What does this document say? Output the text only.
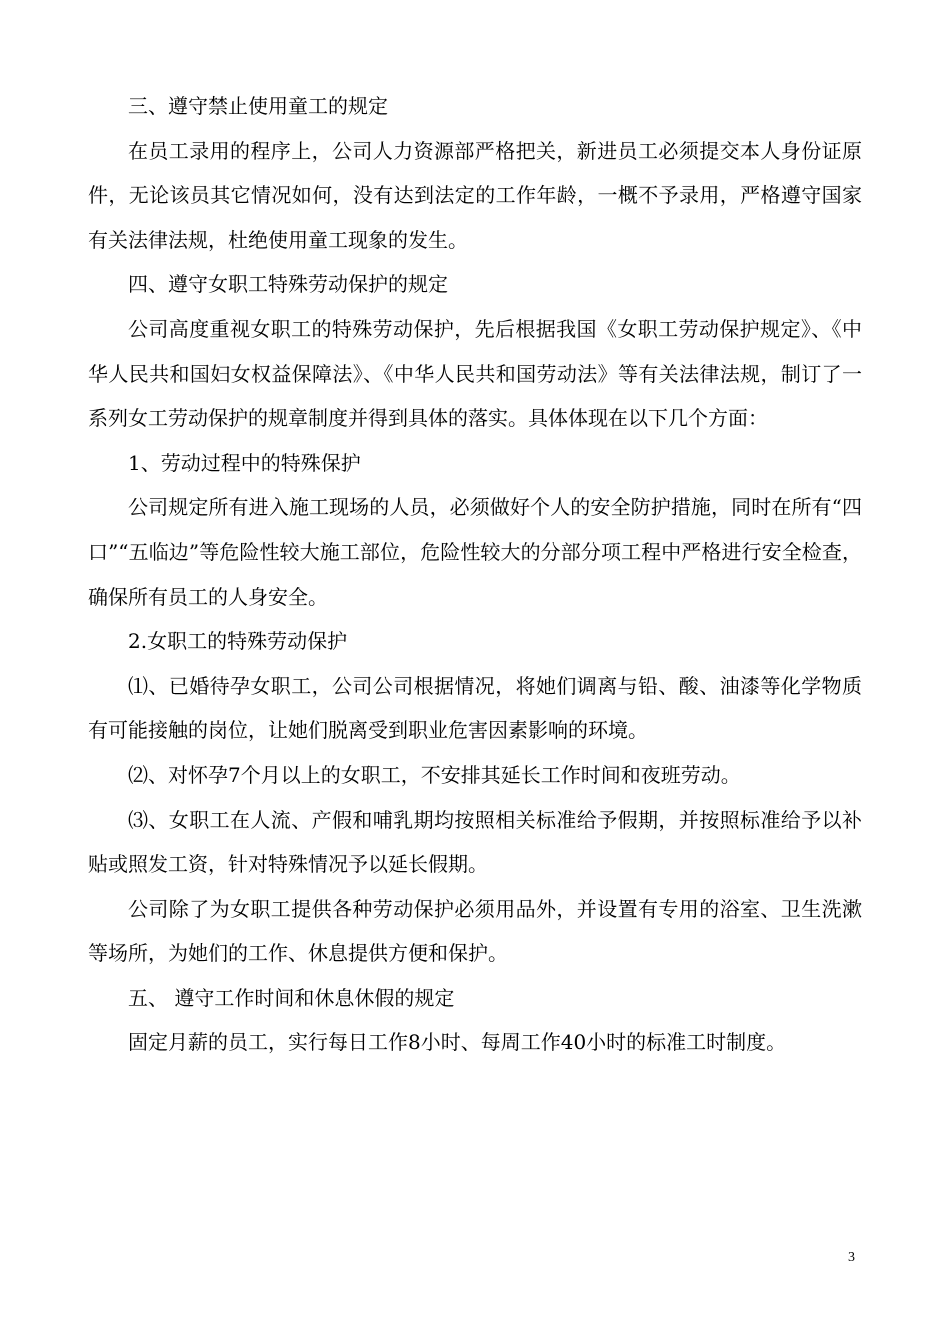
三、遵守禁止使用童工的规定

在员工录用的程序上，公司人力资源部严格把关，新进员工必须提交本人身份证原件，无论该员其它情况如何，没有达到法定的工作年龄，一概不予录用，严格遵守国家有关法律法规，杜绝使用童工现象的发生。

四、遵守女职工特殊劳动保护的规定

公司高度重视女职工的特殊劳动保护，先后根据我国《女职工劳动保护规定》、《中华人民共和国妇女权益保障法》、《中华人民共和国劳动法》等有关法律法规，制订了一系列女工劳动保护的规章制度并得到具体的落实。具体体现在以下几个方面：

1、劳动过程中的特殊保护

公司规定所有进入施工现场的人员，必须做好个人的安全防护措施，同时在所有“四口”“五临边”等危险性较大施工部位，危险性较大的分部分项工程中严格进行安全检查，确保所有员工的人身安全。

2.女职工的特殊劳动保护

⑴、已婚待孕女职工，公司公司根据情况，将她们调离与铅、酸、油漆等化学物质有可能接触的岗位，让她们脱离受到职业危害因素影响的环境。

⑵、对怀孕7个月以上的女职工，不安排其延长工作时间和夜班劳动。

⑶、女职工在人流、产假和哺乳期均按照相关标准给予假期，并按照标准给予以补贴或照发工资，针对特殊情况予以延长假期。

公司除了为女职工提供各种劳动保护必须用品外，并设置有专用的浴室、卫生洗漱等场所，为她们的工作、休息提供方便和保护。

五、 遵守工作时间和休息休假的规定

固定月薪的员工，实行每日工作8小时、每周工作40小时的标准工时制度。

3
